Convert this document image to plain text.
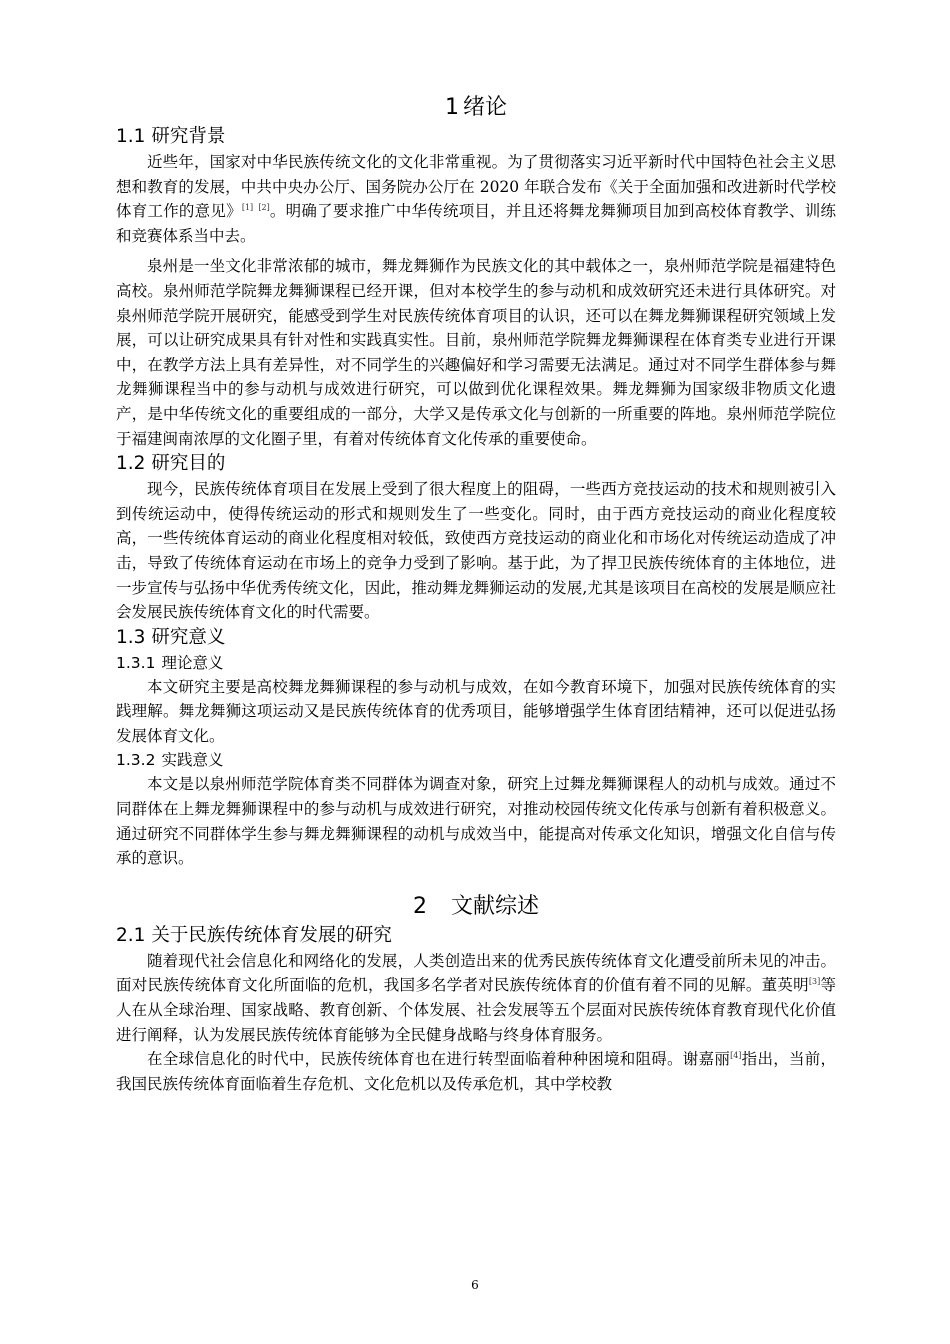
1 绪论
1.1 研究背景

近些年，国家对中华民族传统文化的文化非常重视。为了贯彻落实习近平新时代中国特色社会主义思想和教育的发展，中共中央办公厅、国务院办公厅在 2020 年联合发布《关于全面加强和改进新时代学校体育工作的意见》[1] [2]。明确了要求推广中华传统项目，并且还将舞龙舞狮项目加到高校体育教学、训练和竞赛体系当中去。

泉州是一坐文化非常浓郁的城市，舞龙舞狮作为民族文化的其中载体之一，泉州师范学院是福建特色高校。泉州师范学院舞龙舞狮课程已经开课，但对本校学生的参与动机和成效研究还未进行具体研究。对泉州师范学院开展研究，能感受到学生对民族传统体育项目的认识，还可以在舞龙舞狮课程研究领域上发展，可以让研究成果具有针对性和实践真实性。目前，泉州师范学院舞龙舞狮课程在体育类专业进行开课中，在教学方法上具有差异性，对不同学生的兴趣偏好和学习需要无法满足。通过对不同学生群体参与舞龙舞狮课程当中的参与动机与成效进行研究，可以做到优化课程效果。舞龙舞狮为国家级非物质文化遗产，是中华传统文化的重要组成的一部分，大学又是传承文化与创新的一所重要的阵地。泉州师范学院位于福建闽南浓厚的文化圈子里，有着对传统体育文化传承的重要使命。

1.2 研究目的

现今，民族传统体育项目在发展上受到了很大程度上的阻碍，一些西方竞技运动的技术和规则被引入到传统运动中，使得传统运动的形式和规则发生了一些变化。同时，由于西方竞技运动的商业化程度较高，一些传统体育运动的商业化程度相对较低，致使西方竞技运动的商业化和市场化对传统运动造成了冲击，导致了传统体育运动在市场上的竞争力受到了影响。基于此，为了捍卫民族传统体育的主体地位，进一步宣传与弘扬中华优秀传统文化，因此，推动舞龙舞狮运动的发展,尤其是该项目在高校的发展是顺应社会发展民族传统体育文化的时代需要。

1.3 研究意义
1.3.1 理论意义

本文研究主要是高校舞龙舞狮课程的参与动机与成效，在如今教育环境下，加强对民族传统体育的实践理解。舞龙舞狮这项运动又是民族传统体育的优秀项目，能够增强学生体育团结精神，还可以促进弘扬发展体育文化。

1.3.2 实践意义

本文是以泉州师范学院体育类不同群体为调查对象，研究上过舞龙舞狮课程人的动机与成效。通过不同群体在上舞龙舞狮课程中的参与动机与成效进行研究，对推动校园传统文化传承与创新有着积极意义。通过研究不同群体学生参与舞龙舞狮课程的动机与成效当中，能提高对传承文化知识，增强文化自信与传承的意识。

2 文献综述
2.1 关于民族传统体育发展的研究

随着现代社会信息化和网络化的发展，人类创造出来的优秀民族传统体育文化遭受前所未见的冲击。面对民族传统体育文化所面临的危机，我国多名学者对民族传统体育的价值有着不同的见解。董英明[3]等人在从全球治理、国家战略、教育创新、个体发展、社会发展等五个层面对民族传统体育教育现代化价值进行阐释，认为发展民族传统体育能够为全民健身战略与终身体育服务。

在全球信息化的时代中，民族传统体育也在进行转型面临着种种困境和阻碍。谢嘉丽[4]指出，当前，我国民族传统体育面临着生存危机、文化危机以及传承危机，其中学校教

6
